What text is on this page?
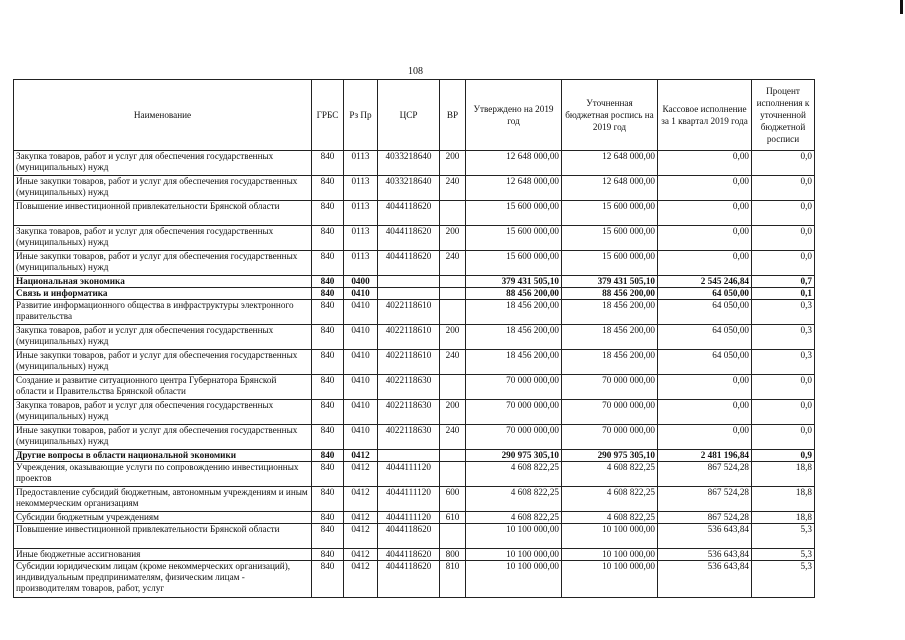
108
Наименование	ГРБС	Рз Пр	ЦСР	ВР	Утверждено на 2019 год	Уточненная бюджетная роспись на 2019 год	Кассовое исполнение за 1 квартал 2019 года	Процент исполнения к уточненной бюджетной росписи
Закупка товаров, работ и услуг для обеспечения государственных (муниципальных) нужд	840	0113	4033218640	200	12 648 000,00	12 648 000,00	0,00	0,0
Иные закупки товаров, работ и услуг для обеспечения государственных (муниципальных) нужд	840	0113	4033218640	240	12 648 000,00	12 648 000,00	0,00	0,0
Повышение инвестиционной привлекательности Брянской области	840	0113	4044118620		15 600 000,00	15 600 000,00	0,00	0,0
Закупка товаров, работ и услуг для обеспечения государственных (муниципальных) нужд	840	0113	4044118620	200	15 600 000,00	15 600 000,00	0,00	0,0
Иные закупки товаров, работ и услуг для обеспечения государственных (муниципальных) нужд	840	0113	4044118620	240	15 600 000,00	15 600 000,00	0,00	0,0
Национальная экономика	840	0400			379 431 505,10	379 431 505,10	2 545 246,84	0,7
Связь и информатика	840	0410			88 456 200,00	88 456 200,00	64 050,00	0,1
Развитие информационного общества в инфраструктуры электронного правительства	840	0410	4022118610		18 456 200,00	18 456 200,00	64 050,00	0,3
Закупка товаров, работ и услуг для обеспечения государственных (муниципальных) нужд	840	0410	4022118610	200	18 456 200,00	18 456 200,00	64 050,00	0,3
Иные закупки товаров, работ и услуг для обеспечения государственных (муниципальных) нужд	840	0410	4022118610	240	18 456 200,00	18 456 200,00	64 050,00	0,3
Создание и развитие ситуационного центра Губернатора Брянской области и Правительства Брянской области	840	0410	4022118630		70 000 000,00	70 000 000,00	0,00	0,0
Закупка товаров, работ и услуг для обеспечения государственных (муниципальных) нужд	840	0410	4022118630	200	70 000 000,00	70 000 000,00	0,00	0,0
Иные закупки товаров, работ и услуг для обеспечения государственных (муниципальных) нужд	840	0410	4022118630	240	70 000 000,00	70 000 000,00	0,00	0,0
Другие вопросы в области национальной экономики	840	0412			290 975 305,10	290 975 305,10	2 481 196,84	0,9
Учреждения, оказывающие услуги по сопровождению инвестиционных проектов	840	0412	4044111120		4 608 822,25	4 608 822,25	867 524,28	18,8
Предоставление субсидий бюджетным, автономным учреждениям и иным некоммерческим организациям	840	0412	4044111120	600	4 608 822,25	4 608 822,25	867 524,28	18,8
Субсидии бюджетным учреждениям	840	0412	4044111120	610	4 608 822,25	4 608 822,25	867 524,28	18,8
Повышение инвестиционной привлекательности Брянской области	840	0412	4044118620		10 100 000,00	10 100 000,00	536 643,84	5,3
Иные бюджетные ассигнования	840	0412	4044118620	800	10 100 000,00	10 100 000,00	536 643,84	5,3
Субсидии юридическим лицам (кроме некоммерческих организаций), индивидуальным предпринимателям, физическим лицам - производителям товаров, работ, услуг	840	0412	4044118620	810	10 100 000,00	10 100 000,00	536 643,84	5,3
